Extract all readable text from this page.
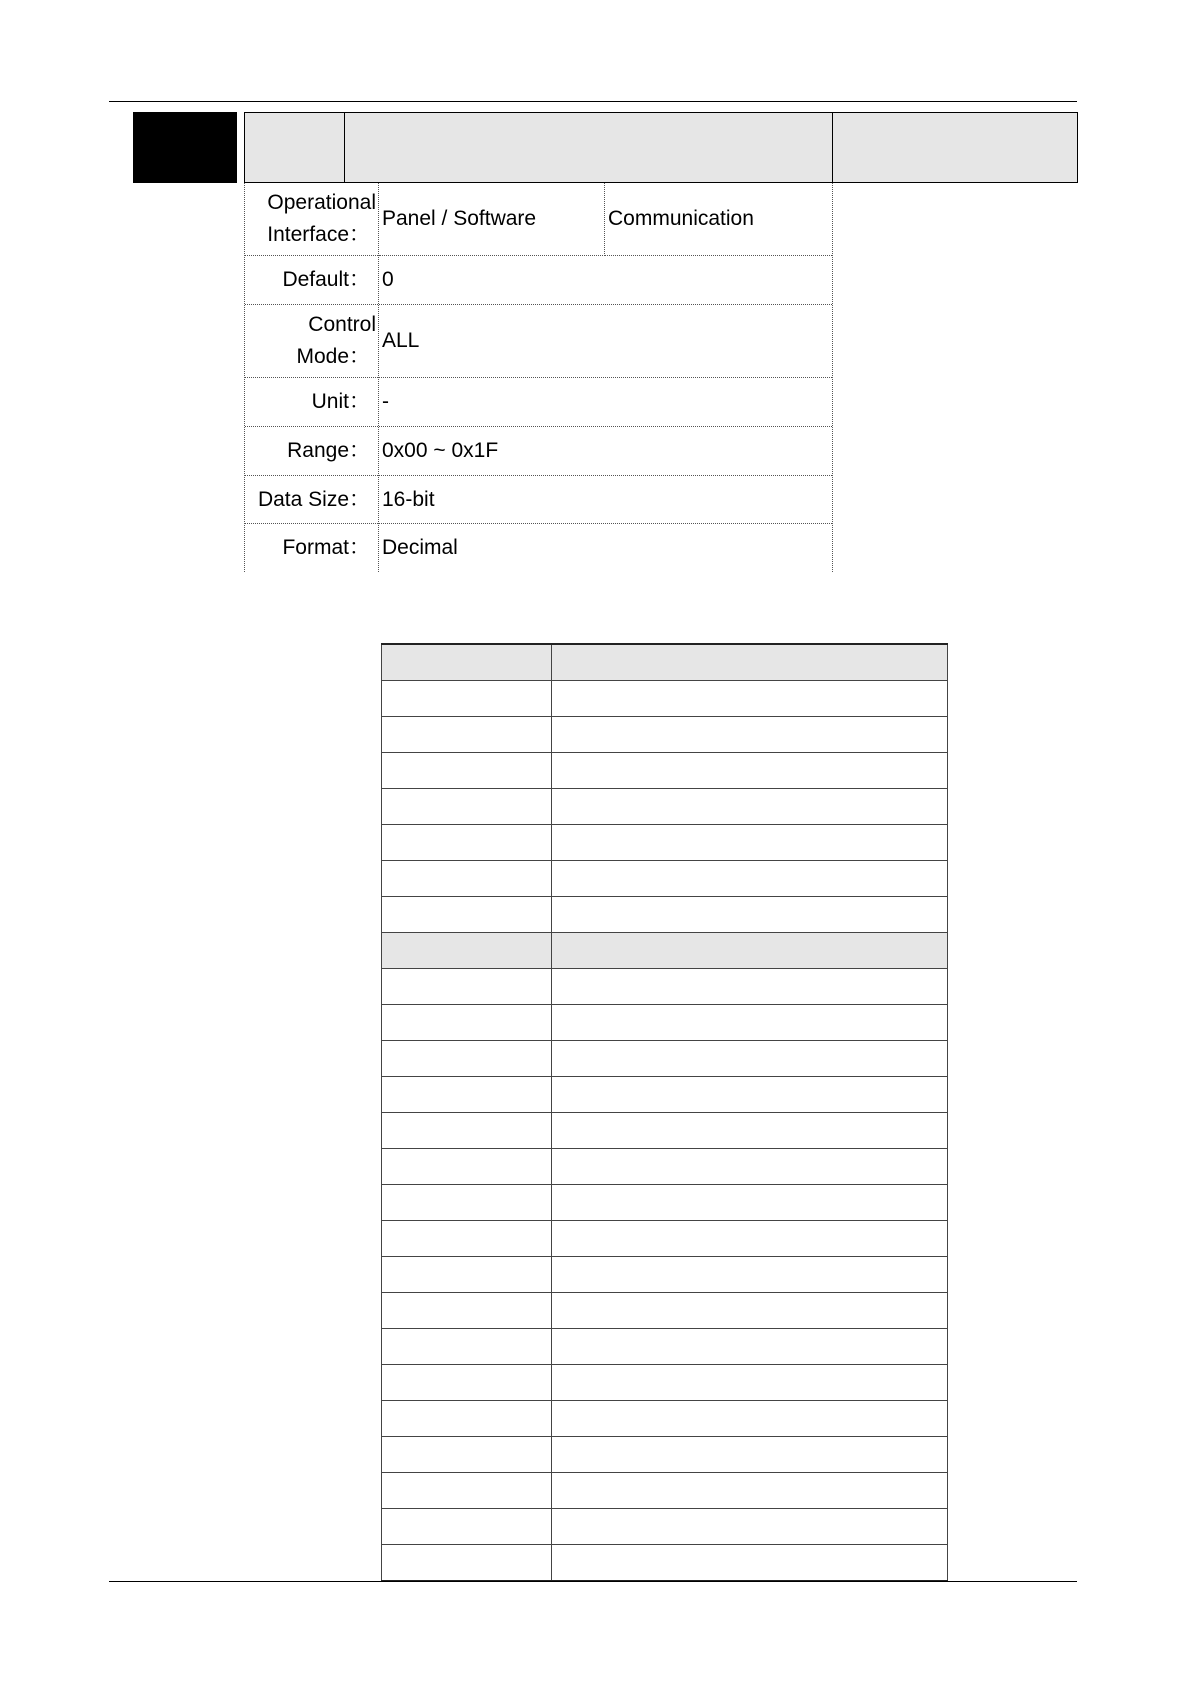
Operational
Interface：
Panel / Software	Communication
Default： 0
Control
Mode：
ALL
Unit： -
Range： 0x00 ~ 0x1F
Data Size： 16-bit
Format： Decimal
